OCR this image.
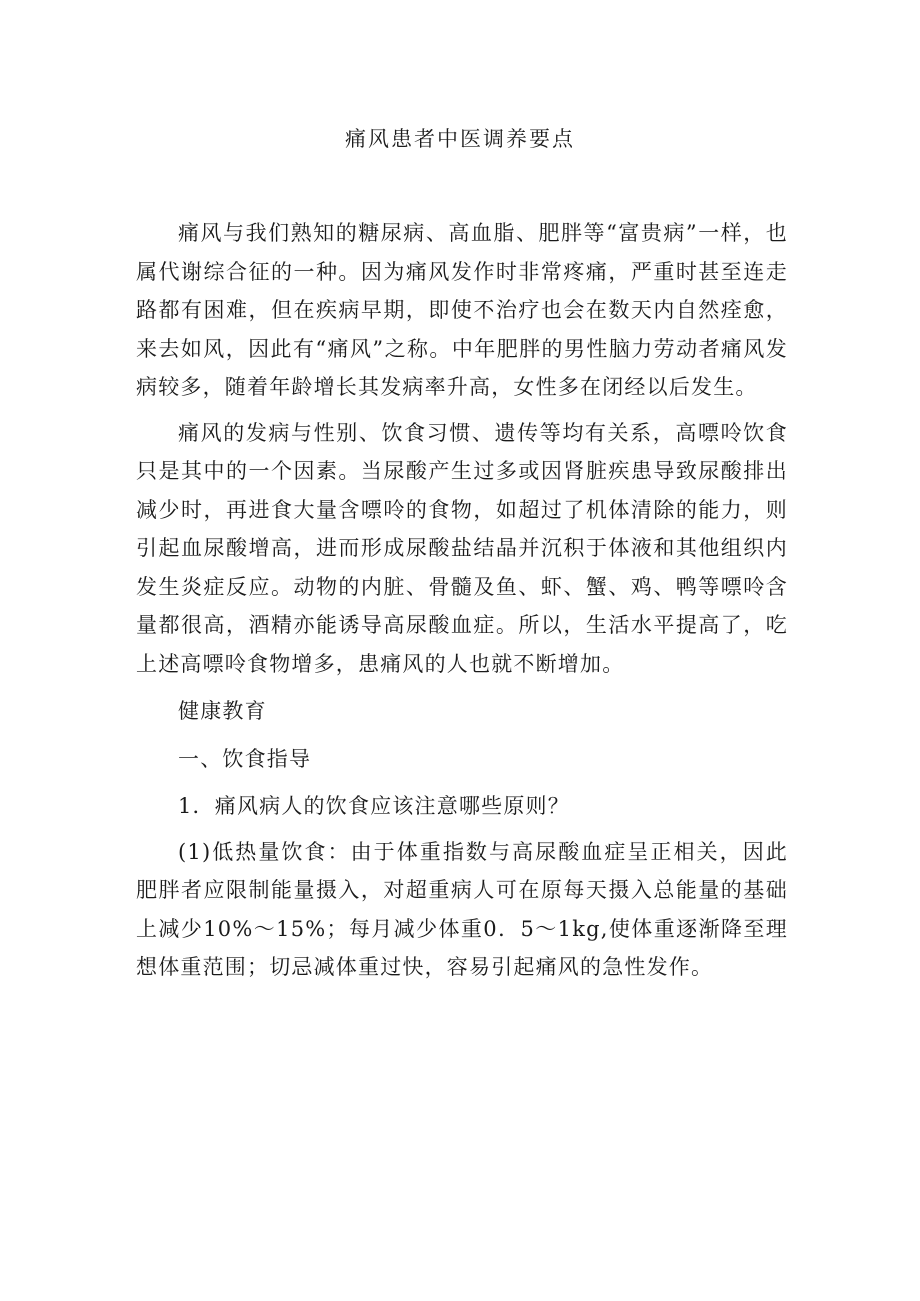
痛风患者中医调养要点

痛风与我们熟知的糖尿病、高血脂、肥胖等“富贵病”一样，也属代谢综合征的一种。因为痛风发作时非常疼痛，严重时甚至连走路都有困难，但在疾病早期，即使不治疗也会在数天内自然痊愈，来去如风，因此有“痛风”之称。中年肥胖的男性脑力劳动者痛风发病较多，随着年龄增长其发病率升高，女性多在闭经以后发生。

痛风的发病与性别、饮食习惯、遗传等均有关系，高嘌呤饮食只是其中的一个因素。当尿酸产生过多或因肾脏疾患导致尿酸排出减少时，再进食大量含嘌呤的食物，如超过了机体清除的能力，则引起血尿酸增高，进而形成尿酸盐结晶并沉积于体液和其他组织内发生炎症反应。动物的内脏、骨髓及鱼、虾、蟹、鸡、鸭等嘌呤含量都很高，酒精亦能诱导高尿酸血症。所以，生活水平提高了，吃上述高嘌呤食物增多，患痛风的人也就不断增加。

健康教育

一、饮食指导

1．痛风病人的饮食应该注意哪些原则？

(1)低热量饮食：由于体重指数与高尿酸血症呈正相关，因此肥胖者应限制能量摄入，对超重病人可在原每天摄入总能量的基础上减少10%～15%；每月减少体重0．5～1kg,使体重逐渐降至理想体重范围；切忌减体重过快，容易引起痛风的急性发作。
